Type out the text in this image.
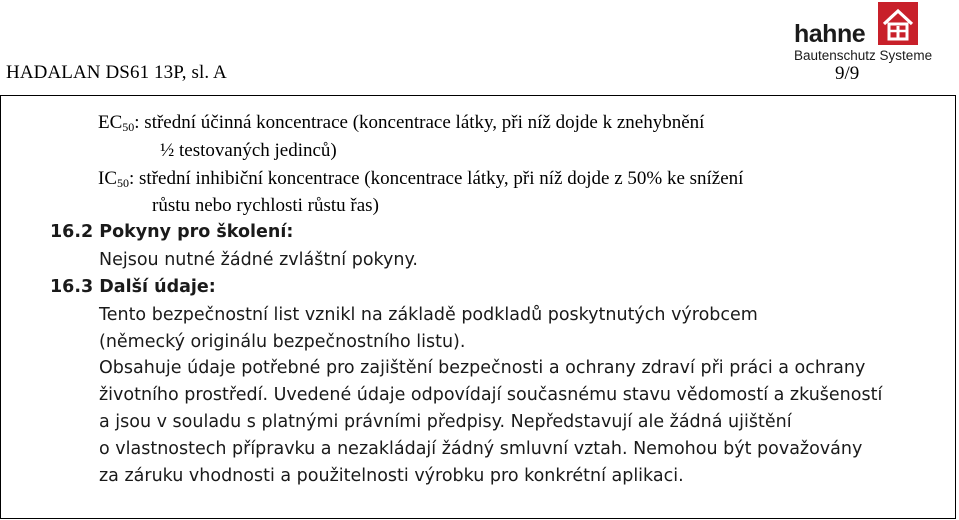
HADALAN DS61 13P, sl. A
hahne
Bautenschutz Systeme
9/9
$EC_{50}$: střední účinná koncentrace (koncentrace látky, při níž dojde k znehybnění
½ testovaných jedinců)
$IC_{50}$: střední inhibiční koncentrace (koncentrace látky, při níž dojde z 50% ke snížení
růstu nebo rychlosti růstu řas)
16.2 Pokyny pro školení:
Nejsou nutné žádné zvláštní pokyny.
16.3 Další údaje:
Tento bezpečnostní list vznikl na základě podkladů poskytnutých výrobcem
(německý originálu bezpečnostního listu).
Obsahuje údaje potřebné pro zajištění bezpečnosti a ochrany zdraví při práci a ochrany
životního prostředí. Uvedené údaje odpovídají současnému stavu vědomostí a zkušeností
a jsou v souladu s platnými právními předpisy. Nepředstavují ale žádná ujištění
o vlastnostech přípravku a nezakládají žádný smluvní vztah. Nemohou být považovány
za záruku vhodnosti a použitelnosti výrobku pro konkrétní aplikaci.
